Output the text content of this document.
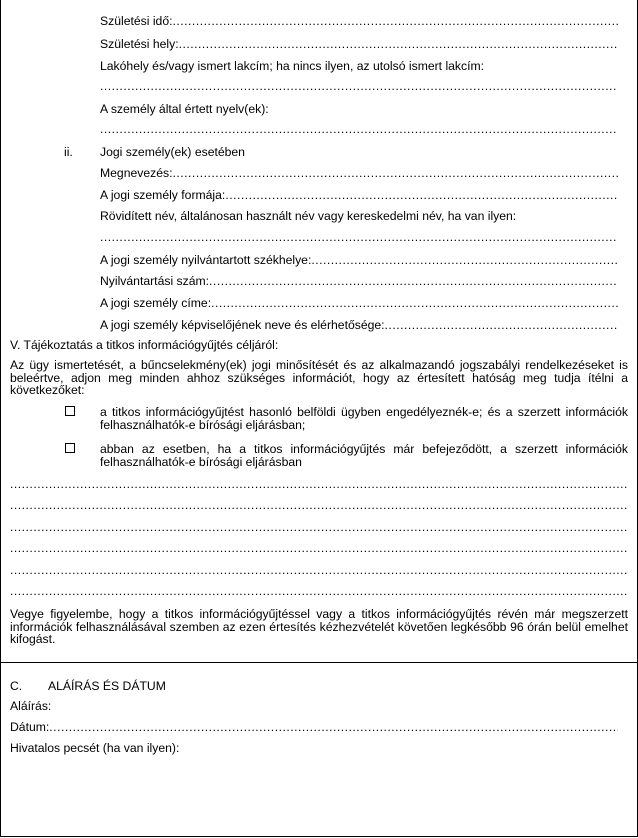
Születési idő:
.....
Születési hely:
.....
Lakóhely és/vagy ismert lakcím; ha nincs ilyen, az utolsó ismert lakcím:
.....
A személy által értett nyelv(ek):
.....
ii. Jogi személy(ek) esetében
Megnevezés:
.....
A jogi személy formája:
.....
Rövidített név, általánosan használt név vagy kereskedelmi név, ha van ilyen:
.....
A jogi személy nyilvántartott székhelye:
.....
Nyilvántartási szám:
.....
A jogi személy címe:
.....
A jogi személy képviselőjének neve és elérhetősége:
.....
V. Tájékoztatás a titkos információgyűjtés céljáról:
Az ügy ismertetését, a bűncselekmény(ek) jogi minősítését és az alkalmazandó jogszabályi rendelkezéseket is beleértve, adjon meg minden ahhoz szükséges információt, hogy az értesített hatóság meg tudja ítélni a következőket:
a titkos információgyűjtést hasonló belföldi ügyben engedélyeznék-e; és a szerzett információk felhasználhatók-e bírósági eljárásban;
abban az esetben, ha a titkos információgyűjtés már befejeződött, a szerzett információk felhasználhatók-e bírósági eljárásban
.....
.....
.....
.....
.....
.....
Vegye figyelembe, hogy a titkos információgyűjtéssel vagy a titkos információgyűjtés révén már megszerzett információk felhasználásával szemben az ezen értesítés kézhezvételét követően legkésőbb 96 órán belül emelhet kifogást.
C. ALÁÍRÁS ÉS DÁTUM
Aláírás:
Dátum:
.....
Hivatalos pecsét (ha van ilyen):
